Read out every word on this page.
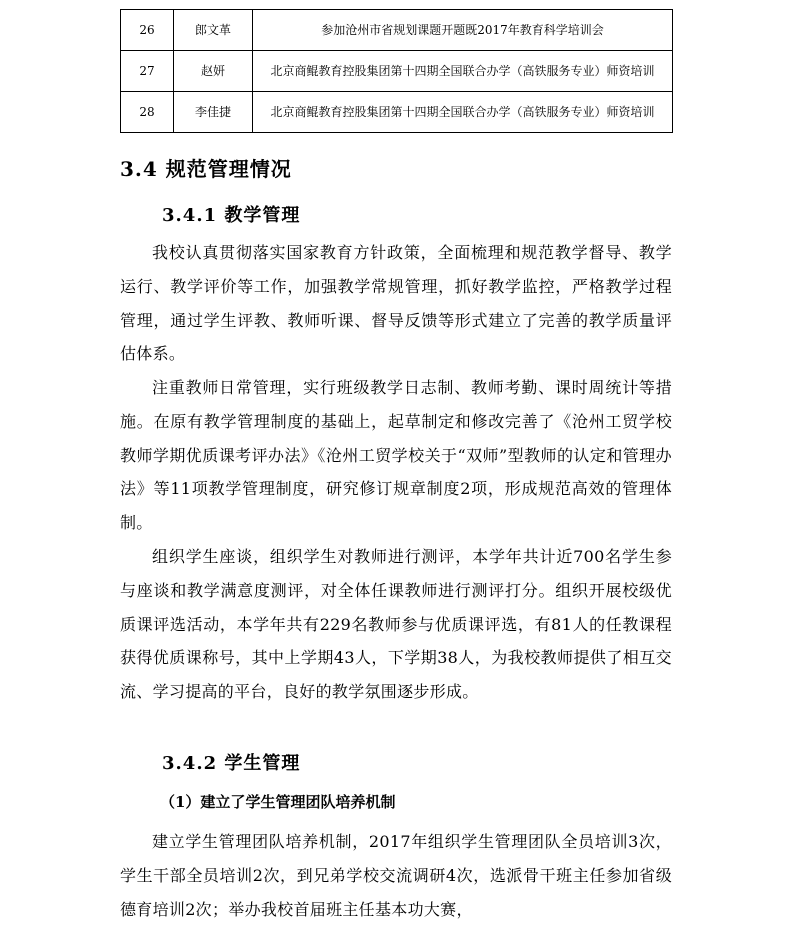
26	郎文革	参加沧州市省规划课题开题既2017年教育科学培训会
27	赵妍	北京商鲲教育控股集团第十四期全国联合办学（高铁服务专业）师资培训
28	李佳捷	北京商鲲教育控股集团第十四期全国联合办学（高铁服务专业）师资培训
3.4 规范管理情况
3.4.1 教学管理

我校认真贯彻落实国家教育方针政策，全面梳理和规范教学督导、教学运行、教学评价等工作，加强教学常规管理，抓好教学监控，严格教学过程管理，通过学生评教、教师听课、督导反馈等形式建立了完善的教学质量评估体系。

注重教师日常管理，实行班级教学日志制、教师考勤、课时周统计等措施。在原有教学管理制度的基础上，起草制定和修改完善了《沧州工贸学校教师学期优质课考评办法》《沧州工贸学校关于“双师”型教师的认定和管理办法》等11项教学管理制度，研究修订规章制度2项，形成规范高效的管理体制。

组织学生座谈，组织学生对教师进行测评，本学年共计近700名学生参与座谈和教学满意度测评，对全体任课教师进行测评打分。组织开展校级优质课评选活动，本学年共有229名教师参与优质课评选，有81人的任教课程获得优质课称号，其中上学期43人，下学期38人，为我校教师提供了相互交流、学习提高的平台，良好的教学氛围逐步形成。

3.4.2 学生管理
（1）建立了学生管理团队培养机制

建立学生管理团队培养机制，2017年组织学生管理团队全员培训3次，学生干部全员培训2次，到兄弟学校交流调研4次，选派骨干班主任参加省级德育培训2次；举办我校首届班主任基本功大赛，
